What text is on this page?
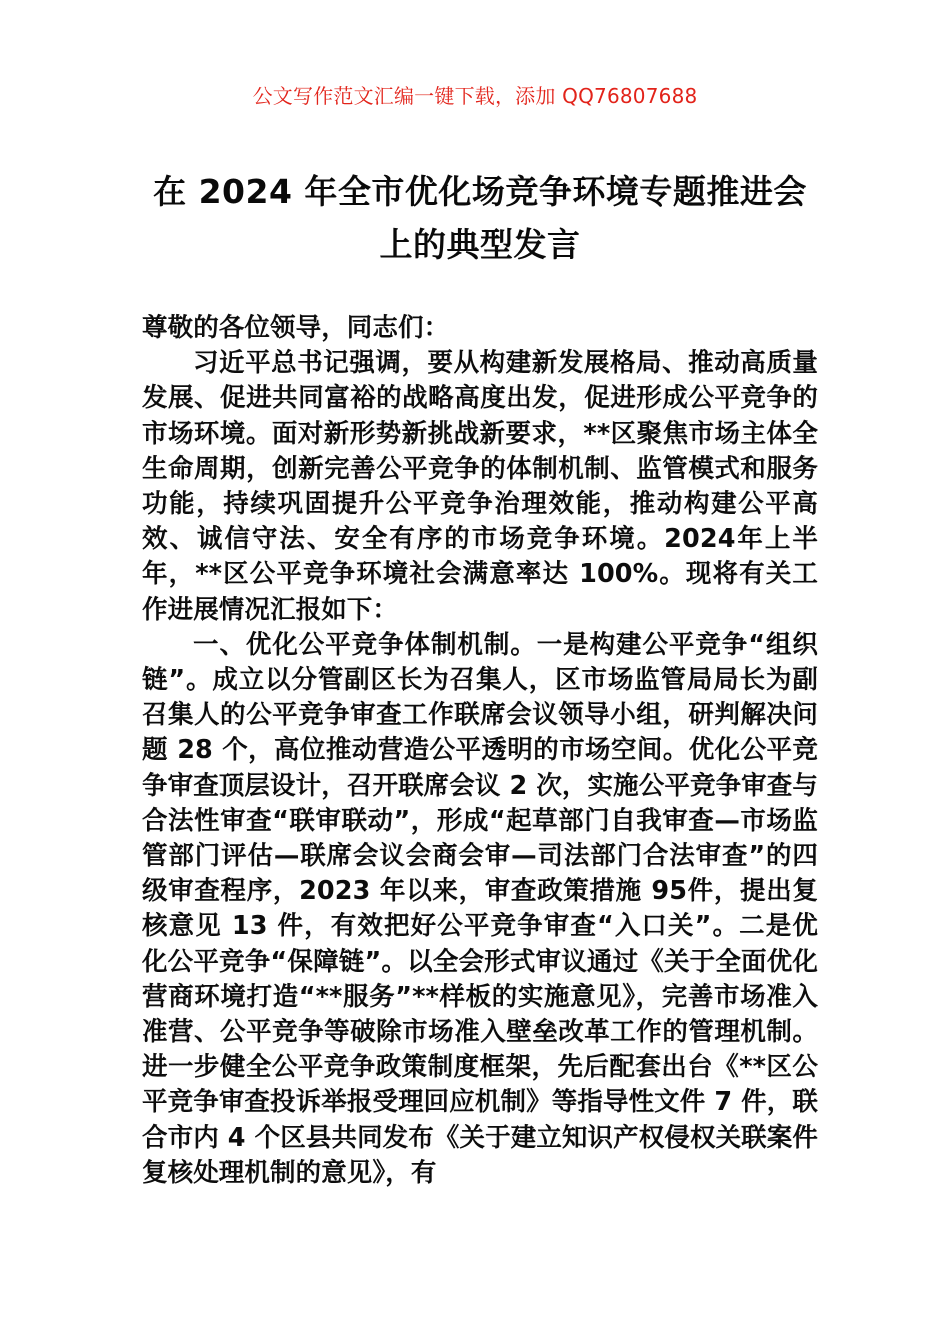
公文写作范文汇编一键下载，添加 QQ76807688
在 2024 年全市优化场竞争环境专题推进会 上的典型发言

尊敬的各位领导，同志们：

习近平总书记强调，要从构建新发展格局、推动高质量发展、促进共同富裕的战略高度出发，促进形成公平竞争的市场环境。面对新形势新挑战新要求，**区聚焦市场主体全生命周期，创新完善公平竞争的体制机制、监管模式和服务功能，持续巩固提升公平竞争治理效能，推动构建公平高效、诚信守法、安全有序的市场竞争环境。2024年上半年，**区公平竞争环境社会满意率达 100%。现将有关工作进展情况汇报如下：

一、优化公平竞争体制机制。一是构建公平竞争“组织链”。成立以分管副区长为召集人，区市场监管局局长为副召集人的公平竞争审查工作联席会议领导小组，研判解决问题 28 个，高位推动营造公平透明的市场空间。优化公平竞争审查顶层设计，召开联席会议 2 次，实施公平竞争审查与合法性审查“联审联动”，形成“起草部门自我审查—市场监管部门评估—联席会议会商会审—司法部门合法审查”的四级审查程序，2023 年以来，审查政策措施 95件，提出复核意见 13 件，有效把好公平竞争审查“入口关”。二是优化公平竞争“保障链”。以全会形式审议通过《关于全面优化营商环境打造“**服务”**样板的实施意见》，完善市场准入准营、公平竞争等破除市场准入壁垒改革工作的管理机制。进一步健全公平竞争政策制度框架，先后配套出台《**区公平竞争审查投诉举报受理回应机制》等指导性文件 7 件，联合市内 4 个区县共同发布《关于建立知识产权侵权关联案件复核处理机制的意见》，有
